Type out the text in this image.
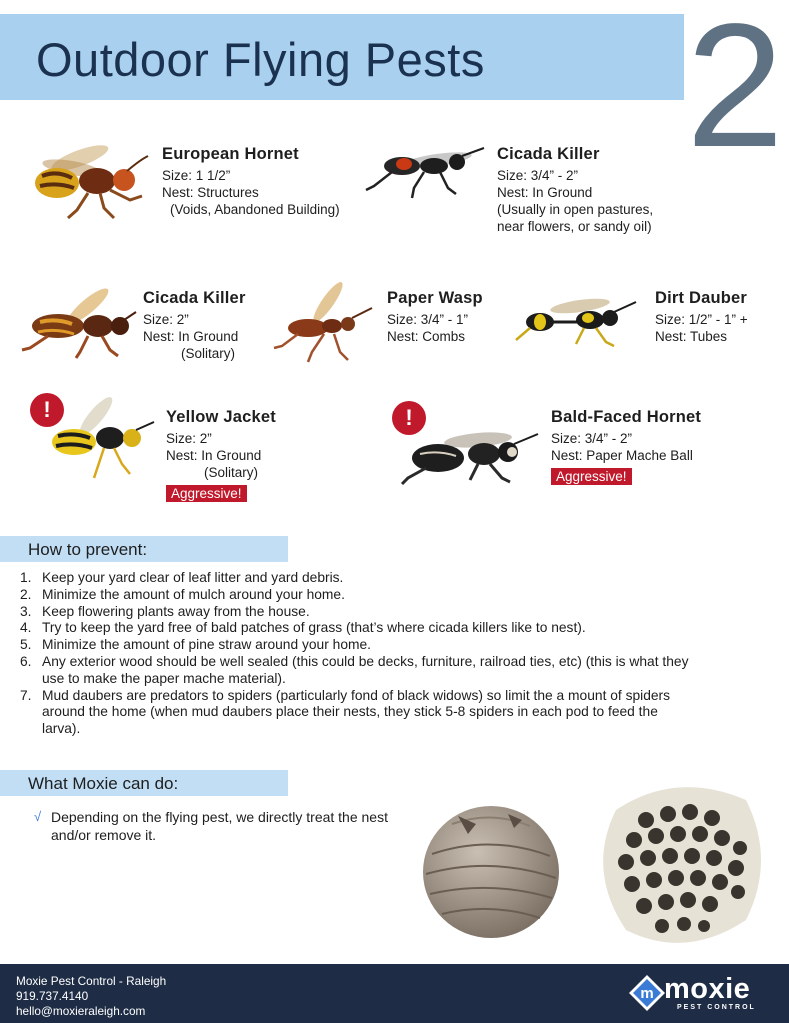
Outdoor Flying Pests 2
European Hornet
Size: 1 1/2”
Nest: Structures
(Voids, Abandoned Building)
Cicada Killer
Size: 3/4” - 2”
Nest: In Ground
(Usually in open pastures,
near flowers, or sandy oil)
Cicada Killer
Size: 2”
Nest: In Ground
(Solitary)
Paper Wasp
Size: 3/4” - 1”
Nest: Combs
Dirt Dauber
Size: 1/2” - 1” +
Nest: Tubes
!	Yellow Jacket
Size: 2”
Nest: In Ground
(Solitary)
Aggressive!
!	Bald-Faced Hornet
Size: 3/4” - 2”
Nest: Paper Mache Ball
Aggressive!
How to prevent:
1. Keep your yard clear of leaf litter and yard debris.
2. Minimize the amount of mulch around your home.
3. Keep flowering plants away from the house.
4. Try to keep the yard free of bald patches of grass (that’s where cicada killers like to nest).
5. Minimize the amount of pine straw around your home.
6. Any exterior wood should be well sealed (this could be decks, furniture, railroad ties, etc) (this is what they use to make the paper mache material).
7. Mud daubers are predators to spiders (particularly fond of black widows) so limit the a mount of spiders around the home (when mud daubers place their nests, they stick 5-8 spiders in each pod to feed the larva).
What Moxie can do:
√ Depending on the flying pest, we directly treat the nest and/or remove it.
Moxie Pest Control - Raleigh
919.737.4140
hello@moxieraleigh.com
m moxie
PEST CONTROL
